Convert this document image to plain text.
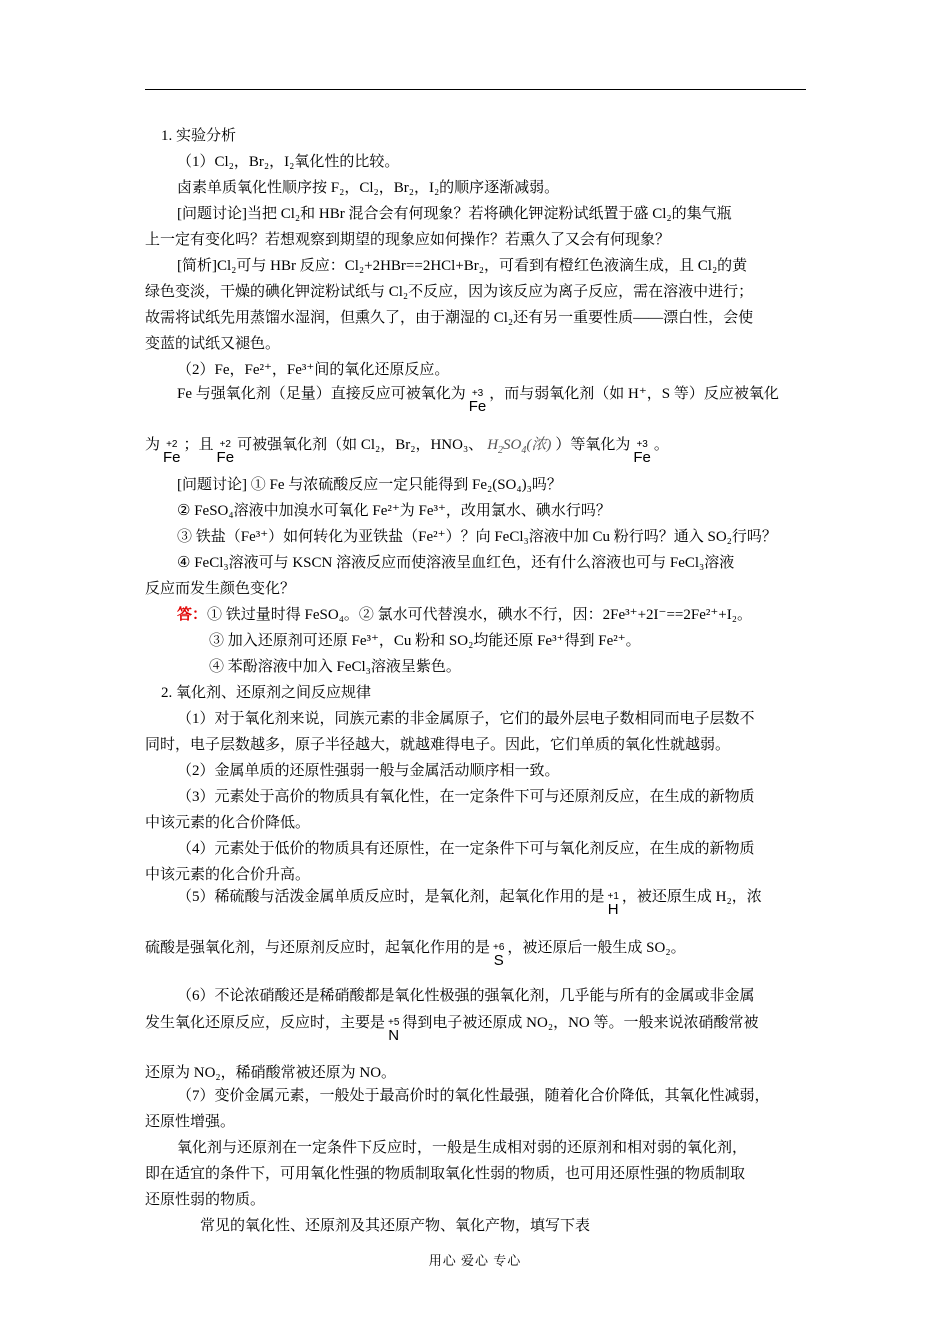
1. 实验分析
（1）Cl₂，Br₂，I₂氧化性的比较。
卤素单质氧化性顺序按 F₂，Cl₂，Br₂，I₂的顺序逐渐减弱。
[问题讨论]当把 Cl₂和 HBr 混合会有何现象？若将碘化钾淀粉试纸置于盛 Cl₂的集气瓶
上一定有变化吗？若想观察到期望的现象应如何操作？若熏久了又会有何现象？
[简析]Cl₂可与 HBr 反应：Cl₂+2HBr==2HCl+Br₂，可看到有橙红色液滴生成，且 Cl₂的黄
绿色变淡，干燥的碘化钾淀粉试纸与 Cl₂不反应，因为该反应为离子反应，需在溶液中进行；
故需将试纸先用蒸馏水湿润，但熏久了，由于潮湿的 Cl₂还有另一重要性质——漂白性，会使
变蓝的试纸又褪色。
（2）Fe，Fe²⁺，Fe³⁺间的氧化还原反应。
Fe 与强氧化剂（足量）直接反应可被氧化为 +3
Fe
，而与弱氧化剂（如 H⁺，S 等）反应被氧化
为 +2
Fe
；且 +2
Fe
可被强氧化剂（如 Cl₂，Br₂，HNO₃、 $H_2SO_4$(浓) ）等氧化为 +3
Fe
。
[问题讨论] ① Fe 与浓硫酸反应一定只能得到 Fe₂(SO₄)₃吗？
② FeSO₄溶液中加溴水可氧化 Fe²⁺为 Fe³⁺，改用氯水、碘水行吗？
③ 铁盐（Fe³⁺）如何转化为亚铁盐（Fe²⁺）？向 FeCl₃溶液中加 Cu 粉行吗？通入 SO₂行吗？
④ FeCl₃溶液可与 KSCN 溶液反应而使溶液呈血红色，还有什么溶液也可与 FeCl₃溶液
反应而发生颜色变化？
答：① 铁过量时得 FeSO₄。② 氯水可代替溴水，碘水不行，因：2Fe³⁺+2I⁻==2Fe²⁺+I₂。
③ 加入还原剂可还原 Fe³⁺，Cu 粉和 SO₂均能还原 Fe³⁺得到 Fe²⁺。
④ 苯酚溶液中加入 FeCl₃溶液呈紫色。
2. 氧化剂、还原剂之间反应规律
（1）对于氧化剂来说，同族元素的非金属原子，它们的最外层电子数相同而电子层数不
同时，电子层数越多，原子半径越大，就越难得电子。因此，它们单质的氧化性就越弱。
（2）金属单质的还原性强弱一般与金属活动顺序相一致。
（3）元素处于高价的物质具有氧化性，在一定条件下可与还原剂反应，在生成的新物质
中该元素的化合价降低。
（4）元素处于低价的物质具有还原性，在一定条件下可与氧化剂反应，在生成的新物质
中该元素的化合价升高。
（5）稀硫酸与活泼金属单质反应时，是氧化剂，起氧化作用的是 +1
H
，被还原生成 H₂，浓
硫酸是强氧化剂，与还原剂反应时，起氧化作用的是 +6
S
，被还原后一般生成 SO₂。
（6）不论浓硝酸还是稀硝酸都是氧化性极强的强氧化剂，几乎能与所有的金属或非金属
发生氧化还原反应，反应时，主要是 +5
N
得到电子被还原成 NO₂，NO 等。一般来说浓硝酸常被
还原为 NO₂，稀硝酸常被还原为 NO。
（7）变价金属元素，一般处于最高价时的氧化性最强，随着化合价降低，其氧化性减弱，
还原性增强。
氧化剂与还原剂在一定条件下反应时，一般是生成相对弱的还原剂和相对弱的氧化剂，
即在适宜的条件下，可用氧化性强的物质制取氧化性弱的物质，也可用还原性强的物质制取
还原性弱的物质。
常见的氧化性、还原剂及其还原产物、氧化产物，填写下表
用心 爱心 专心
